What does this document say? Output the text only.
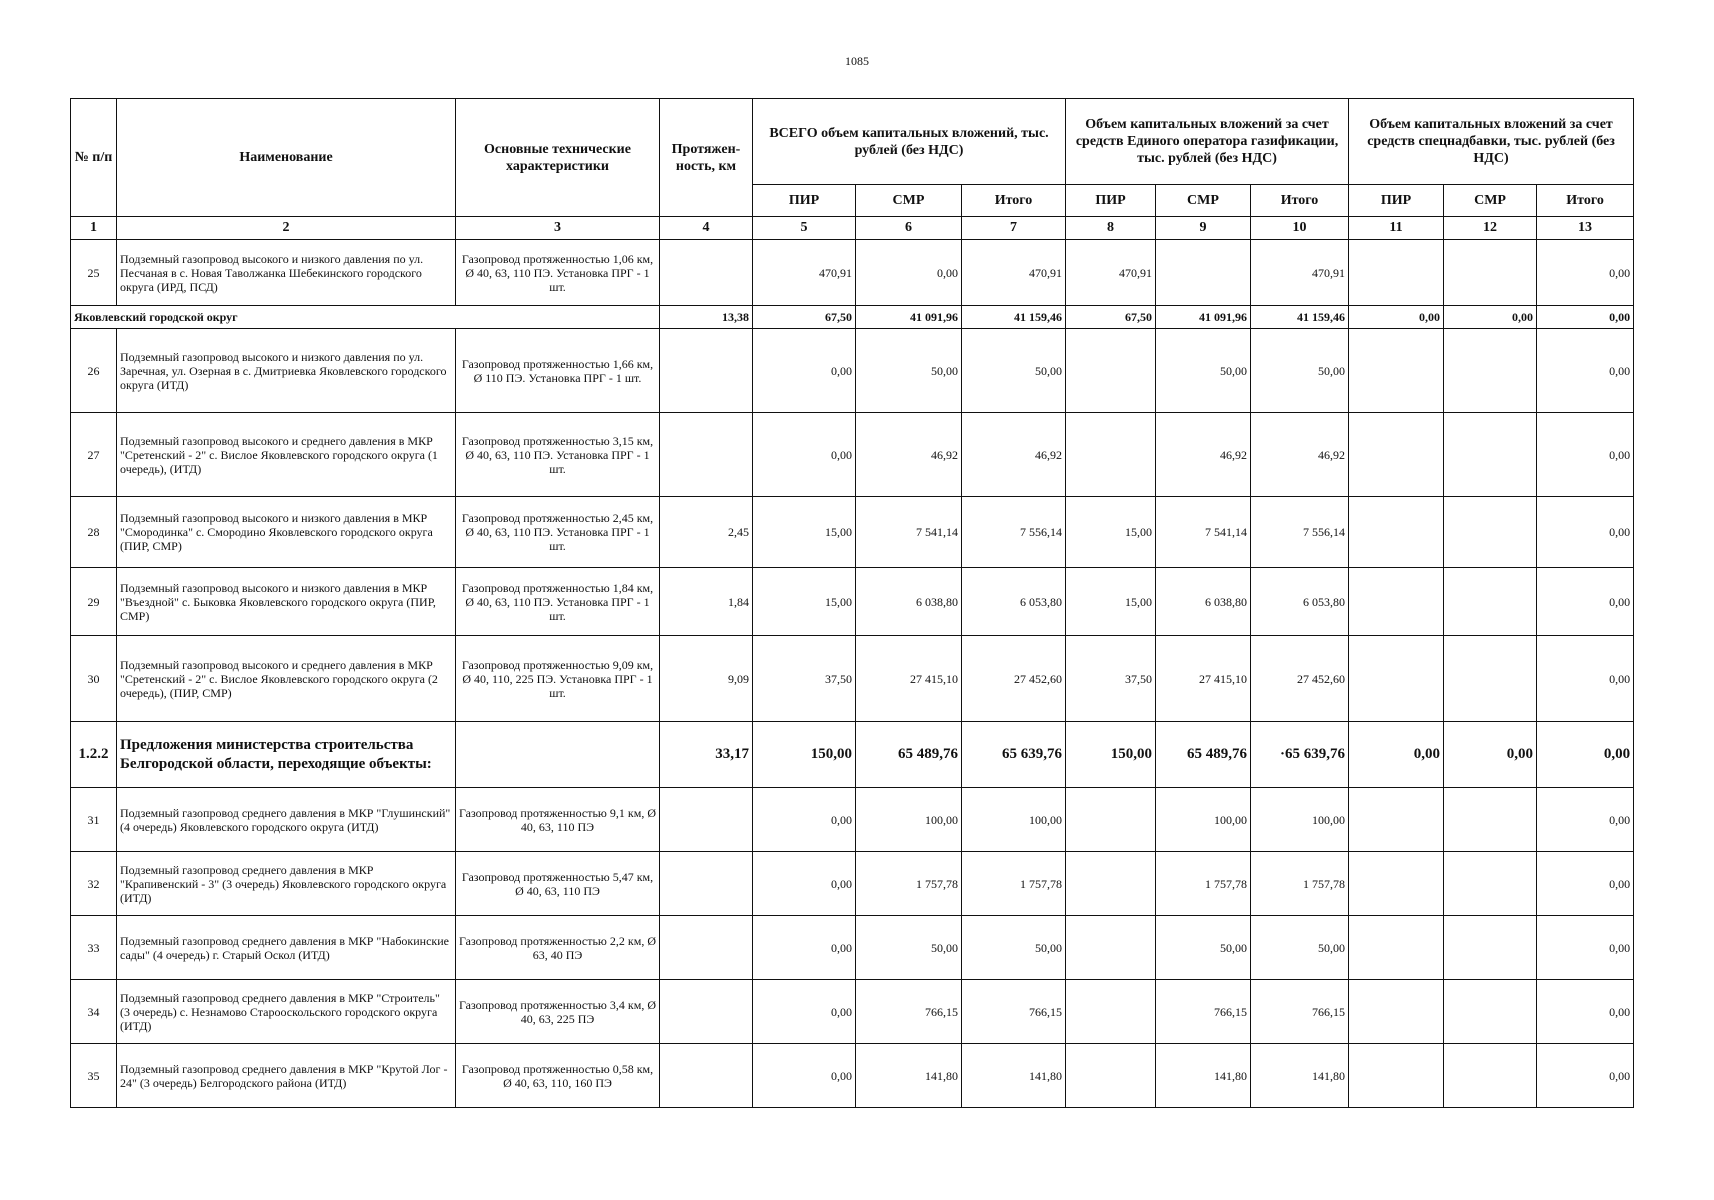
1085
№ п/п	Наименование	Основные технические характеристики	Протяжен-ность, км	ВСЕГО объем капитальных вложений, тыс. рублей (без НДС)			Объем капитальных вложений за счет средств Единого оператора газификации, тыс. рублей (без НДС)			Объем капитальных вложений за счет средств спецнадбавки, тыс. рублей (без НДС)		
				ПИР	СМР	Итого	ПИР	СМР	Итого	ПИР	СМР	Итого
1	2	3	4	5	6	7	8	9	10	11	12	13
25	Подземный газопровод высокого и низкого давления по ул. Песчаная в с. Новая Таволжанка Шебекинского городского округа (ИРД, ПСД)	Газопровод протяженностью 1,06 км, Ø 40, 63, 110 ПЭ. Установка ПРГ - 1 шт.		470,91	0,00	470,91	470,91		470,91			0,00
Яковлевский городской округ			13,38	67,50	41 091,96	41 159,46	67,50	41 091,96	41 159,46	0,00	0,00	0,00
26	Подземный газопровод высокого и низкого давления по ул. Заречная, ул. Озерная в с. Дмитриевка Яковлевского городского округа (ИТД)	Газопровод протяженностью 1,66 км, Ø 110 ПЭ. Установка ПРГ - 1 шт.		0,00	50,00	50,00		50,00	50,00			0,00
27	Подземный газопровод высокого и среднего давления в МКР "Сретенский - 2" с. Вислое Яковлевского городского округа (1 очередь), (ИТД)	Газопровод протяженностью 3,15 км, Ø 40, 63, 110 ПЭ. Установка ПРГ - 1 шт.		0,00	46,92	46,92		46,92	46,92			0,00
28	Подземный газопровод высокого и низкого давления в МКР "Смородинка" с. Смородино Яковлевского городского округа (ПИР, СМР)	Газопровод протяженностью 2,45 км, Ø 40, 63, 110 ПЭ. Установка ПРГ - 1 шт.	2,45	15,00	7 541,14	7 556,14	15,00	7 541,14	7 556,14			0,00
29	Подземный газопровод высокого и низкого давления в МКР "Въездной" с. Быковка Яковлевского городского округа (ПИР, СМР)	Газопровод протяженностью 1,84 км, Ø 40, 63, 110 ПЭ. Установка ПРГ - 1 шт.	1,84	15,00	6 038,80	6 053,80	15,00	6 038,80	6 053,80			0,00
30	Подземный газопровод высокого и среднего давления в МКР "Сретенский - 2" с. Вислое Яковлевского городского округа (2 очередь), (ПИР, СМР)	Газопровод протяженностью 9,09 км, Ø 40, 110, 225 ПЭ. Установка ПРГ - 1 шт.	9,09	37,50	27 415,10	27 452,60	37,50	27 415,10	27 452,60			0,00
1.2.2	Предложения министерства строительства Белгородской области, переходящие объекты:		33,17	150,00	65 489,76	65 639,76	150,00	65 489,76	·65 639,76	0,00	0,00	0,00
31	Подземный газопровод среднего давления в МКР "Глушинский" (4 очередь) Яковлевского городского округа (ИТД)	Газопровод протяженностью 9,1 км, Ø 40, 63, 110 ПЭ		0,00	100,00	100,00		100,00	100,00			0,00
32	Подземный газопровод среднего давления в МКР "Крапивенский - 3" (3 очередь) Яковлевского городского округа (ИТД)	Газопровод протяженностью 5,47 км, Ø 40, 63, 110 ПЭ		0,00	1 757,78	1 757,78		1 757,78	1 757,78			0,00
33	Подземный газопровод среднего давления в МКР "Набокинские сады" (4 очередь) г. Старый Оскол (ИТД)	Газопровод протяженностью 2,2 км, Ø 63, 40 ПЭ		0,00	50,00	50,00		50,00	50,00			0,00
34	Подземный газопровод среднего давления в МКР "Строитель" (3 очередь) с. Незнамово Старооскольского городского округа (ИТД)	Газопровод протяженностью 3,4 км, Ø 40, 63, 225 ПЭ		0,00	766,15	766,15		766,15	766,15			0,00
35	Подземный газопровод среднего давления в МКР "Крутой Лог - 24" (3 очередь) Белгородского района (ИТД)	Газопровод протяженностью 0,58 км, Ø 40, 63, 110, 160 ПЭ		0,00	141,80	141,80		141,80	141,80			0,00
